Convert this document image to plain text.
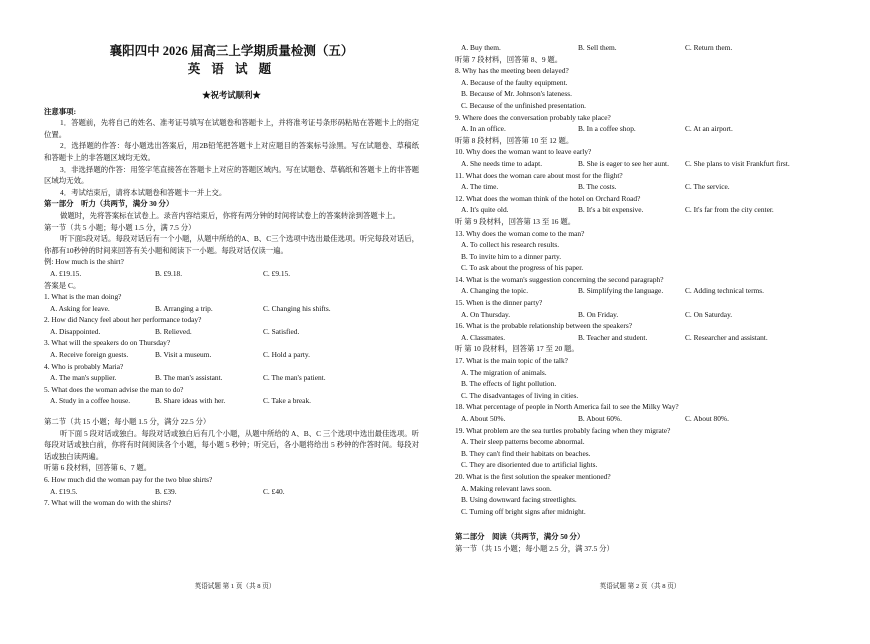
襄阳四中 2026 届高三上学期质量检测（五）
英 语 试 题
★祝考试顺利★
注意事项:
1．答题前，先将自己的姓名、准考证号填写在试题卷和答题卡上，并将准考证号条形码粘贴在答题卡上的指定位置。
2．选择题的作答：每小题选出答案后，用2B铅笔把答题卡上对应题目的答案标号涂黑。写在试题卷、草稿纸和答题卡上的非答题区域均无效。
3．非选择题的作答：用签字笔直接答在答题卡上对应的答题区域内。写在试题卷、草稿纸和答题卡上的非答题区域均无效。
4．考试结束后，请将本试题卷和答题卡一并上交。
第一部分　听力（共两节，满分 30 分）
做题时，先将答案标在试卷上。录音内容结束后，你将有两分钟的时间将试卷上的答案转涂到答题卡上。
第一节（共 5 小题；每小题 1.5 分，满 7.5 分）
听下面5段对话。每段对话后有一个小题，从题中所给的A、B、C三个选项中选出最佳选项。听完每段对话后，你都有10秒钟的时间来回答有关小题和阅读下一小题。每段对话仅读一遍。
例: How much is the shirt?
A. £19.15.	B. £9.18.	C. £9.15.
答案是 C。
1. What is the man doing?
A. Asking for leave.	B. Arranging a trip.	C. Changing his shifts.
2. How did Nancy feel about her performance today?
A. Disappointed.	B. Relieved.	C. Satisfied.
3. What will the speakers do on Thursday?
A. Receive foreign guests.	B. Visit a museum.	C. Hold a party.
4. Who is probably Maria?
A. The man's supplier.	B. The man's assistant.	C. The man's patient.
5. What does the woman advise the man to do?
A. Study in a coffee house.	B. Share ideas with her.	C. Take a break.
第二节（共 15 小题；每小题 1.5 分，满分 22.5 分）
听下面 5 段对话或独白。每段对话或独白后有几个小题，从题中所给的 A、B、C 三个选项中选出最佳选项。听每段对话或独白前，你将有时间阅读各个小题，每小题 5 秒钟；听完后，各小题将给出 5 秒钟的作答时间。每段对话或独白读两遍。
听第 6 段材料，回答第 6、7 题。
6. How much did the woman pay for the two blue shirts?
A. £19.5.	B. £39.	C. £40.
7. What will the woman do with the shirts?
A. Buy them.	B. Sell them.	C. Return them.
听第 7 段材料，回答第 8、9 题。
8. Why has the meeting been delayed?
A. Because of the faulty equipment.
B. Because of Mr. Johnson's lateness.
C. Because of the unfinished presentation.
9. Where does the conversation probably take place?
A. In an office.	B. In a coffee shop.	C. At an airport.
听第 8 段材料，回答第 10 至 12 题。
10. Why does the woman want to leave early?
A. She needs time to adapt.	B. She is eager to see her aunt.	C. She plans to visit Frankfurt first.
11. What does the woman care about most for the flight?
A. The time.	B. The costs.	C. The service.
12. What does the woman think of the hotel on Orchard Road?
A. It's quite old.	B. It's a bit expensive.	C. It's far from the city center.
听 第 9 段材料，回答第 13 至 16 题。
13. Why does the woman come to the man?
A. To collect his research results.
B. To invite him to a dinner party.
C. To ask about the progress of his paper.
14. What is the woman's suggestion concerning the second paragraph?
A. Changing the topic.	B. Simplifying the language.	C. Adding technical terms.
15. When is the dinner party?
A. On Thursday.	B. On Friday.	C. On Saturday.
16. What is the probable relationship between the speakers?
A. Classmates.	B. Teacher and student.	C. Researcher and assistant.
听 第 10 段材料，回答第 17 至 20 题。
17. What is the main topic of the talk?
A. The migration of animals.
B. The effects of light pollution.
C. The disadvantages of living in cities.
18. What percentage of people in North America fail to see the Milky Way?
A. About 50%.	B. About 60%.	C. About 80%.
19. What problem are the sea turtles probably facing when they migrate?
A. Their sleep patterns become abnormal.
B. They can't find their habitats on beaches.
C. They are disoriented due to artificial lights.
20. What is the first solution the speaker mentioned?
A. Making relevant laws soon.
B. Using downward facing streetlights.
C. Turning off bright signs after midnight.
第二部分　阅读（共两节，满分 50 分）
第一节（共 15 小题；每小题 2.5 分，满 37.5 分）
英语试题 第 1 页（共 8 页）	英语试题 第 2 页（共 8 页）
